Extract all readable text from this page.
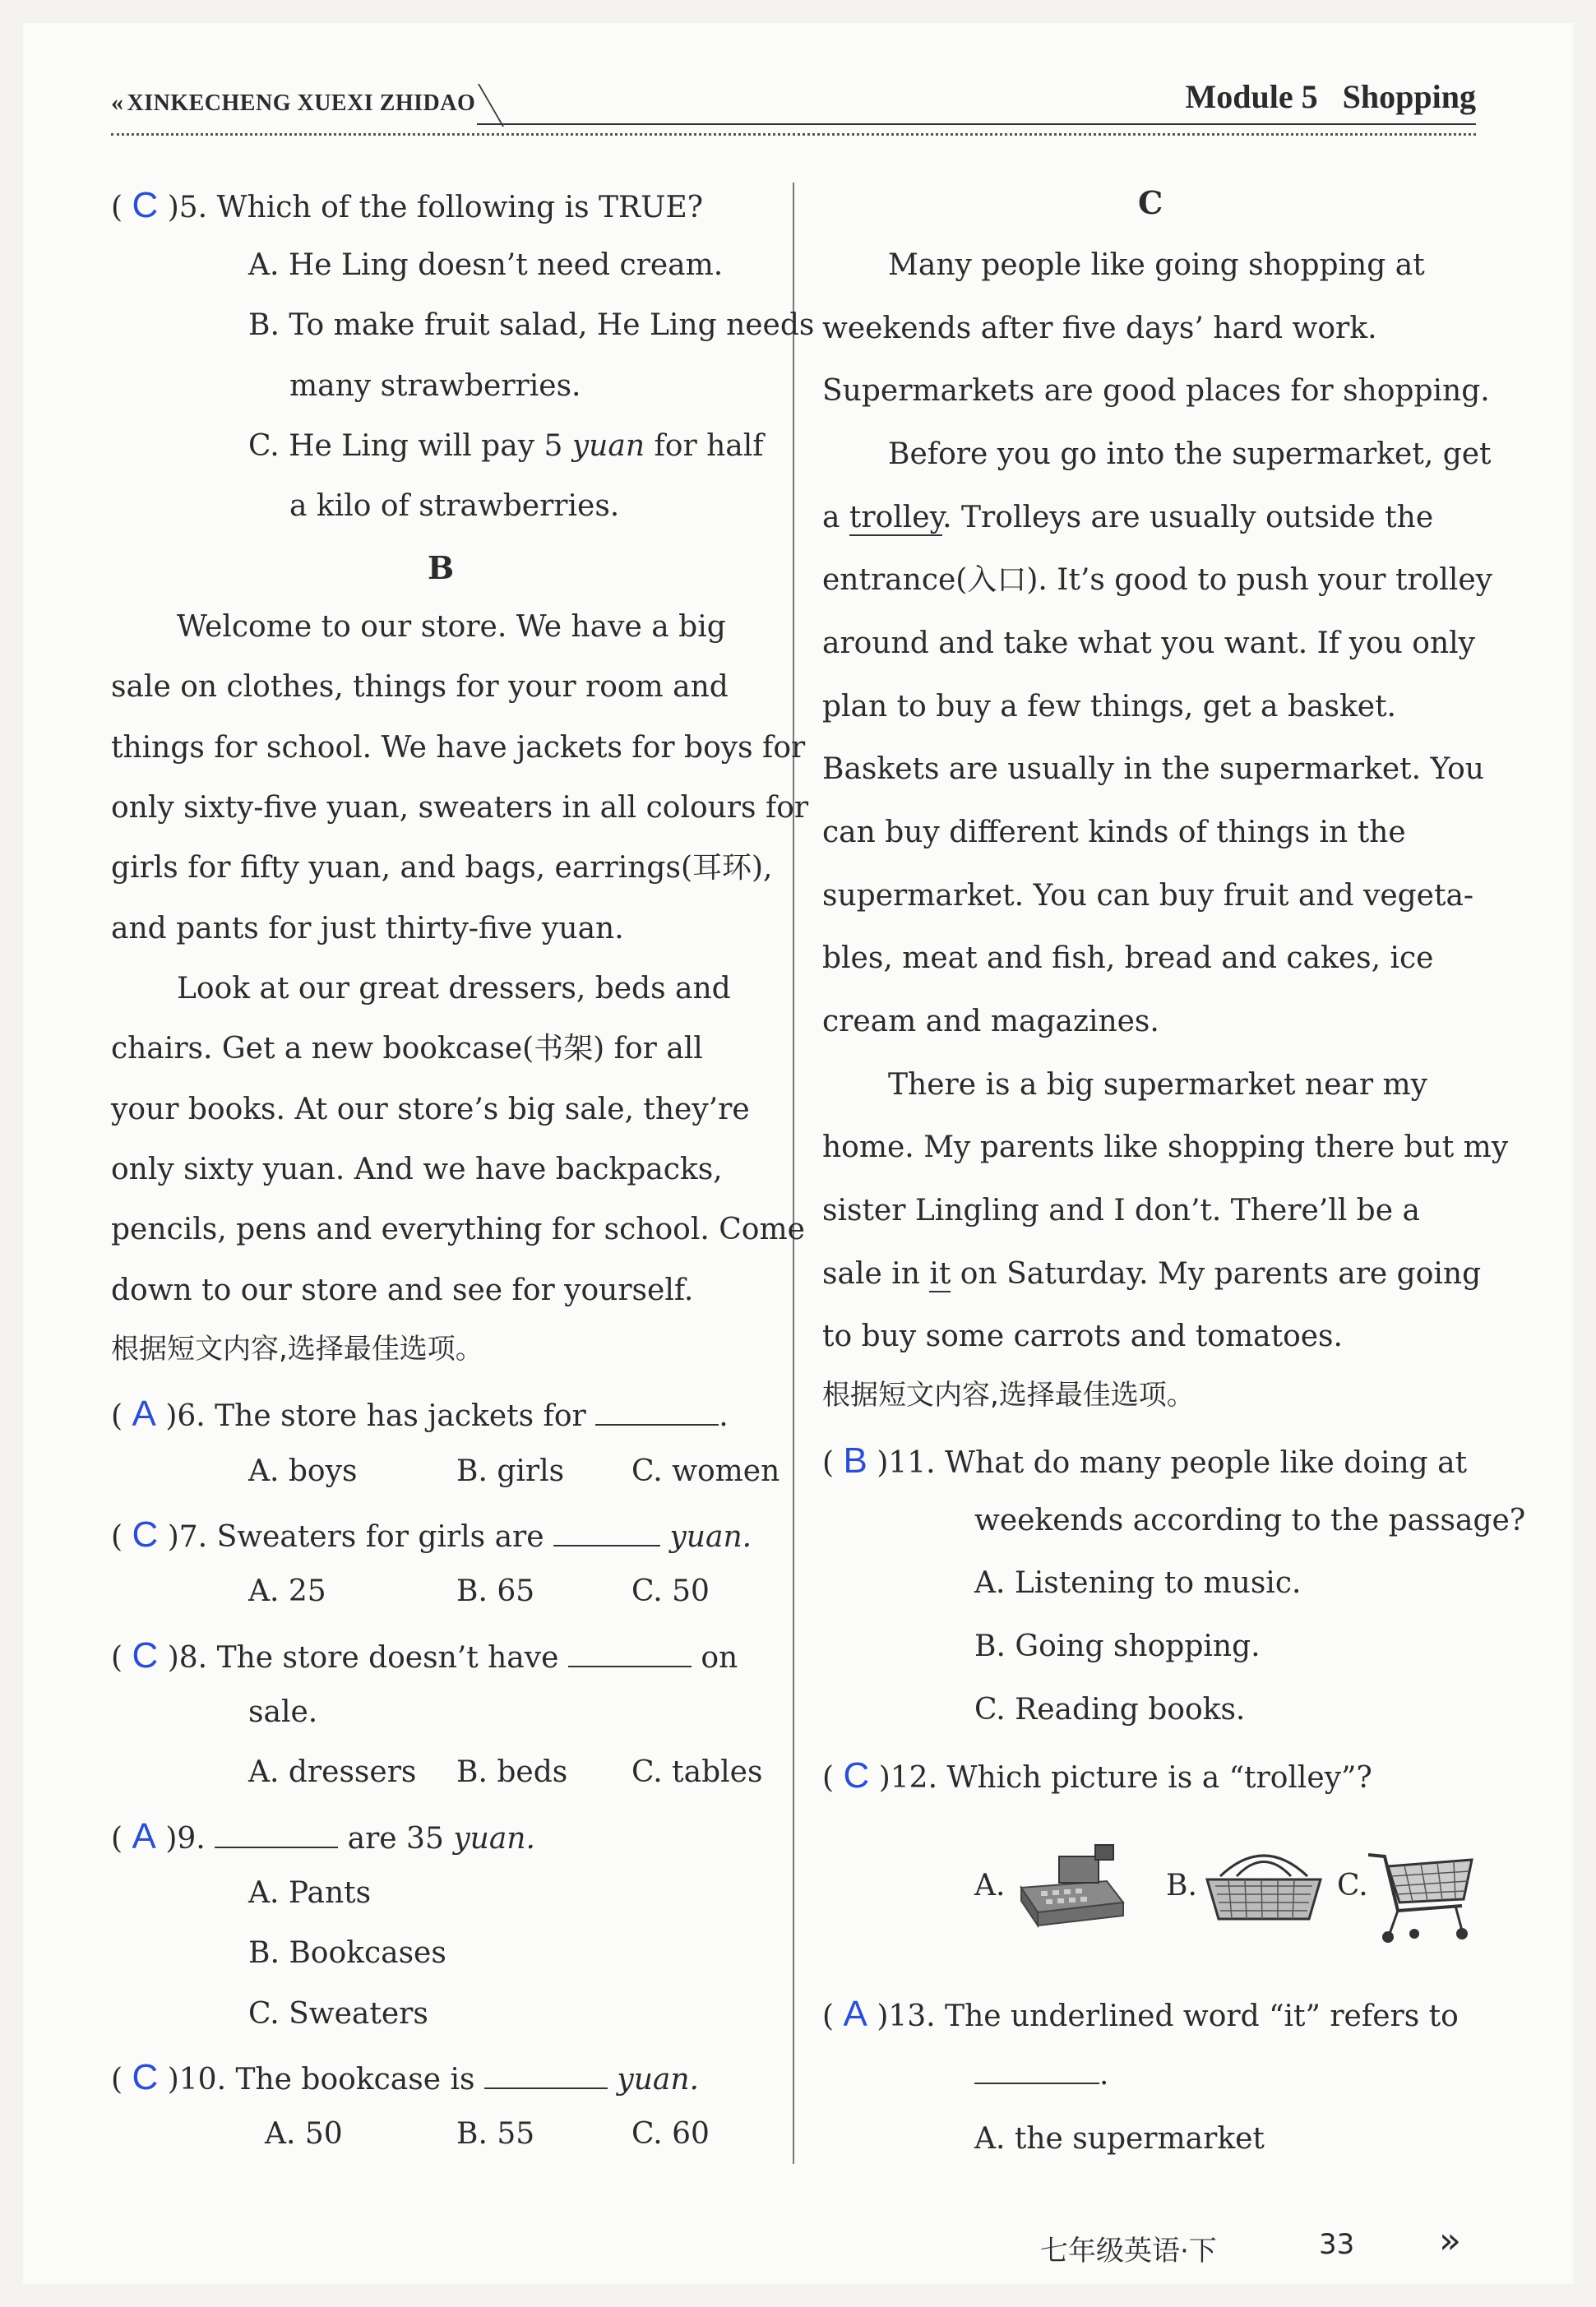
« XINKECHENG XUEXI ZHIDAO	Module 5   Shopping
( C )5. Which of the following is TRUE?
A. He Ling doesn’t need cream.
B. To make fruit salad, He Ling needs
many strawberries.
C. He Ling will pay 5 yuan for half
a kilo of strawberries.
B
Welcome to our store. We have a big
sale on clothes, things for your room and
things for school. We have jackets for boys for
only sixty-five yuan, sweaters in all colours for
girls for fifty yuan, and bags, earrings(耳环),
and pants for just thirty-five yuan.
Look at our great dressers, beds and
chairs. Get a new bookcase(书架) for all
your books. At our store’s big sale, they’re
only sixty yuan. And we have backpacks,
pencils, pens and everything for school. Come
down to our store and see for yourself.
根据短文内容,选择最佳选项。
( A )6. The store has jackets for	.
A. boys	B. girls C. women
( C )7. Sweaters for girls are	yuan.
A. 25	B. 65	C. 50
( C )8. The store doesn’t have	on
sale.
A. dressers B. beds C. tables
( A )9.	are 35 yuan.
A. Pants
B. Bookcases
C. Sweaters
( C )10. The bookcase is	yuan.
A. 50	B. 55	C. 60
C
Many people like going shopping at
weekends after five days’ hard work.
Supermarkets are good places for shopping.
Before you go into the supermarket, get
a trolley. Trolleys are usually outside the
entrance(入口). It’s good to push your trolley
around and take what you want. If you only
plan to buy a few things, get a basket.
Baskets are usually in the supermarket. You
can buy different kinds of things in the
supermarket. You can buy fruit and vegeta-
bles, meat and fish, bread and cakes, ice
cream and magazines.
There is a big supermarket near my
home. My parents like shopping there but my
sister Lingling and I don’t. There’ll be a
sale in it on Saturday. My parents are going
to buy some carrots and tomatoes.
根据短文内容,选择最佳选项。
( B )11. What do many people like doing at
weekends according to the passage?
A. Listening to music.
B. Going shopping.
C. Reading books.
( C )12. Which picture is a “trolley”?
A.	B.	C.
( A )13. The underlined word “it” refers to
.
A. the supermarket
七年级英语·下	33 »
